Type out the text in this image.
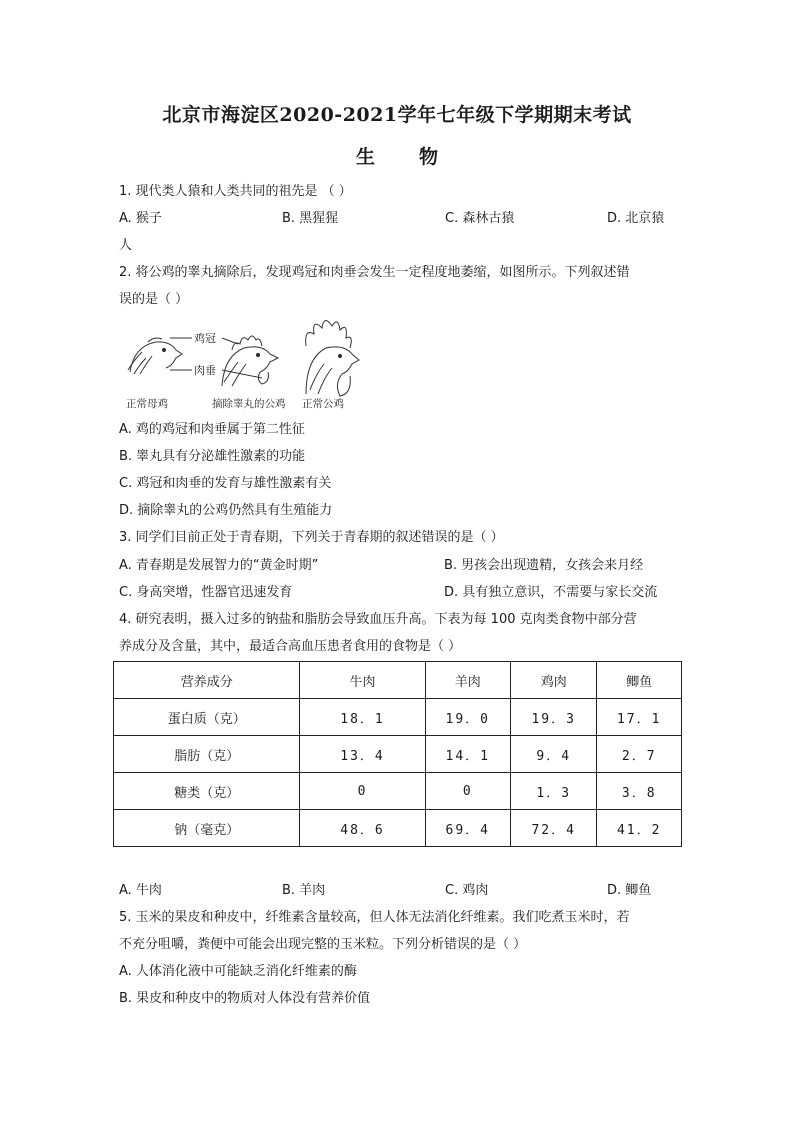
北京市海淀区2020-2021学年七年级下学期期末考试
生 物
1. 现代类人猿和人类共同的祖先是 （ ）
A. 猴子	B. 黑猩猩	C. 森林古猿	D. 北京猿
人
2. 将公鸡的睾丸摘除后，发现鸡冠和肉垂会发生一定程度地萎缩，如图所示。下列叙述错
误的是（ ）
鸡冠
肉垂
正常母鸡	摘除睾丸的公鸡 正常公鸡
A. 鸡的鸡冠和肉垂属于第二性征
B. 睾丸具有分泌雄性激素的功能
C. 鸡冠和肉垂的发育与雄性激素有关
D. 摘除睾丸的公鸡仍然具有生殖能力
3. 同学们目前正处于青春期，下列关于青春期的叙述错误的是（ ）
A. 青春期是发展智力的“黄金时期”	B. 男孩会出现遗精，女孩会来月经
C. 身高突增，性器官迅速发育	D. 具有独立意识，不需要与家长交流
4. 研究表明，摄入过多的钠盐和脂肪会导致血压升高。下表为每 100 克肉类食物中部分营
养成分及含量，其中，最适合高血压患者食用的食物是（ ）
营养成分	牛肉	羊肉	鸡肉	鲫鱼
蛋白质（克）	18．1	19．0	19．3	17．1
脂肪（克）	13．4	14．1	9．4	2．7
糖类（克）	0	0	1．3	3．8
钠（毫克）	48．6	69．4	72．4	41．2
A. 牛肉	B. 羊肉	C. 鸡肉	D. 鲫鱼
5. 玉米的果皮和种皮中，纤维素含量较高，但人体无法消化纤维素。我们吃煮玉米时，若
不充分咀嚼，粪便中可能会出现完整的玉米粒。下列分析错误的是（ ）
A. 人体消化液中可能缺乏消化纤维素的酶
B. 果皮和种皮中的物质对人体没有营养价值
